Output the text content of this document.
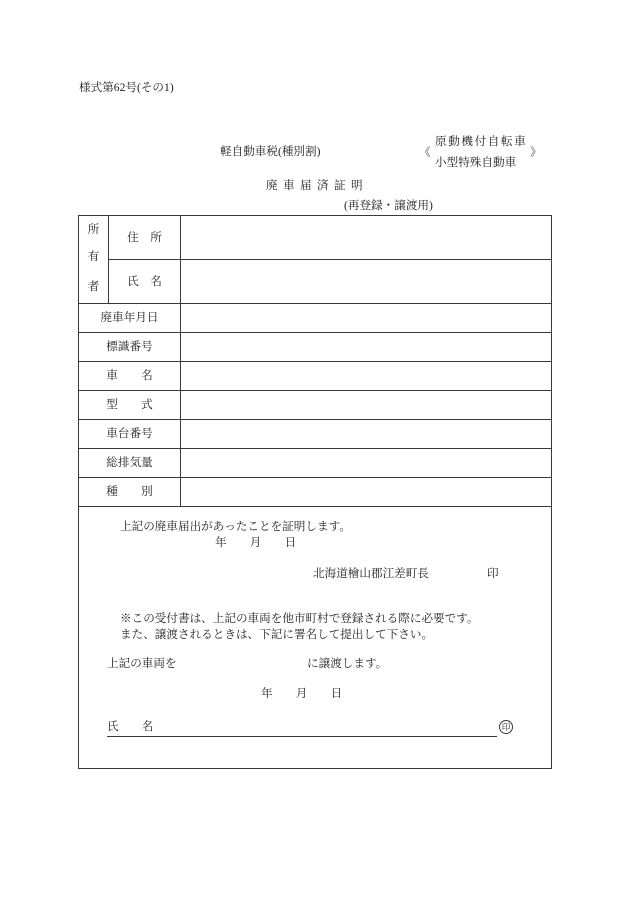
様式第62号(その1)
軽自動車税(種別割)	《
原動機付自転車
小型特殊自動車
》
廃 車 届 済 証 明
(再登録・譲渡用)
所
有
者
住　所
氏　名
廃車年月日
標識番号
車　　名
型　　式
車台番号
総排気量
種　　別
上記の廃車届出があったことを証明します。
年　　月　　日
北海道檜山郡江差町長	印
※この受付書は、上記の車両を他市町村で登録される際に必要です。
また、譲渡されるときは、下記に署名して提出して下さい。
上記の車両を	に譲渡します。
年　　月　　日
氏　　名	印
